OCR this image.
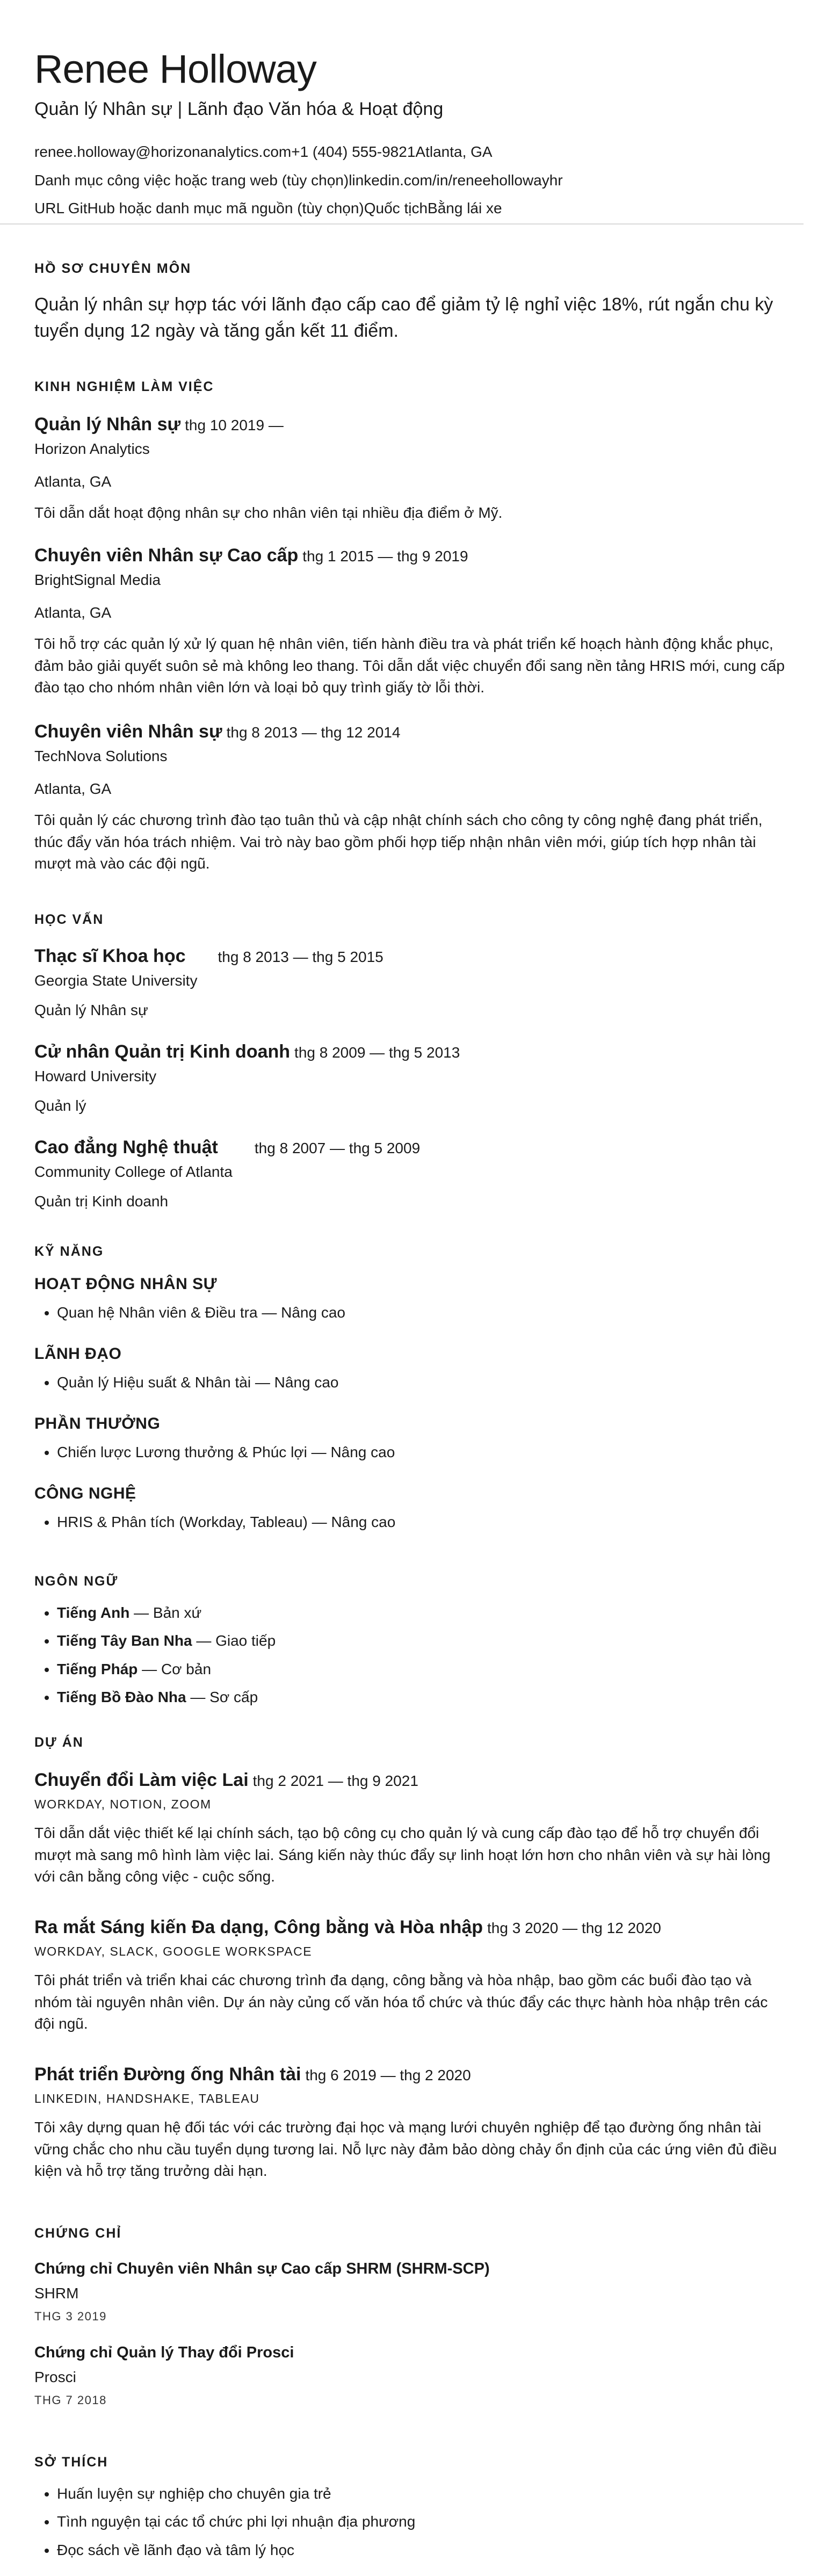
Renee Holloway

Quản lý Nhân sự | Lãnh đạo Văn hóa & Hoạt động

renee.holloway@horizonanalytics.com+1 (404) 555-9821Atlanta, GA

Danh mục công việc hoặc trang web (tùy chọn)linkedin.com/in/reneehollowayhr

URL GitHub hoặc danh mục mã nguồn (tùy chọn)Quốc tịchBằng lái xe

HỒ SƠ CHUYÊN MÔN

Quản lý nhân sự hợp tác với lãnh đạo cấp cao để giảm tỷ lệ nghỉ việc 18%, rút ngắn chu kỳ tuyển dụng 12 ngày và tăng gắn kết 11 điểm.

KINH NGHIỆM LÀM VIỆC

Quản lý Nhân sự thg 10 2019 —

Horizon Analytics

Atlanta, GA

Tôi dẫn dắt hoạt động nhân sự cho nhân viên tại nhiều địa điểm ở Mỹ.

Chuyên viên Nhân sự Cao cấp thg 1 2015 — thg 9 2019

BrightSignal Media

Atlanta, GA

Tôi hỗ trợ các quản lý xử lý quan hệ nhân viên, tiến hành điều tra và phát triển kế hoạch hành động khắc phục, đảm bảo giải quyết suôn sẻ mà không leo thang. Tôi dẫn dắt việc chuyển đổi sang nền tảng HRIS mới, cung cấp đào tạo cho nhóm nhân viên lớn và loại bỏ quy trình giấy tờ lỗi thời.

Chuyên viên Nhân sự thg 8 2013 — thg 12 2014

TechNova Solutions

Atlanta, GA

Tôi quản lý các chương trình đào tạo tuân thủ và cập nhật chính sách cho công ty công nghệ đang phát triển, thúc đẩy văn hóa trách nhiệm. Vai trò này bao gồm phối hợp tiếp nhận nhân viên mới, giúp tích hợp nhân tài mượt mà vào các đội ngũ.

HỌC VẤN

Thạc sĩ Khoa học thg 8 2013 — thg 5 2015

Georgia State University

Quản lý Nhân sự

Cử nhân Quản trị Kinh doanh thg 8 2009 — thg 5 2013

Howard University

Quản lý

Cao đẳng Nghệ thuật thg 8 2007 — thg 5 2009

Community College of Atlanta

Quản trị Kinh doanh

KỸ NĂNG

HOẠT ĐỘNG NHÂN SỰ

• Quan hệ Nhân viên & Điều tra — Nâng cao

LÃNH ĐẠO

• Quản lý Hiệu suất & Nhân tài — Nâng cao

PHẦN THƯỞNG

• Chiến lược Lương thưởng & Phúc lợi — Nâng cao

CÔNG NGHỆ

• HRIS & Phân tích (Workday, Tableau) — Nâng cao
NGÔN NGỮ
• Tiếng Anh — Bản xứ
• Tiếng Tây Ban Nha — Giao tiếp
• Tiếng Pháp — Cơ bản
• Tiếng Bồ Đào Nha — Sơ cấp
DỰ ÁN

Chuyển đổi Làm việc Lai thg 2 2021 — thg 9 2021

WORKDAY, NOTION, ZOOM

Tôi dẫn dắt việc thiết kế lại chính sách, tạo bộ công cụ cho quản lý và cung cấp đào tạo để hỗ trợ chuyển đổi mượt mà sang mô hình làm việc lai. Sáng kiến này thúc đẩy sự linh hoạt lớn hơn cho nhân viên và sự hài lòng với cân bằng công việc - cuộc sống.

Ra mắt Sáng kiến Đa dạng, Công bằng và Hòa nhập thg 3 2020 — thg 12 2020

WORKDAY, SLACK, GOOGLE WORKSPACE

Tôi phát triển và triển khai các chương trình đa dạng, công bằng và hòa nhập, bao gồm các buổi đào tạo và nhóm tài nguyên nhân viên. Dự án này củng cố văn hóa tổ chức và thúc đẩy các thực hành hòa nhập trên các đội ngũ.

Phát triển Đường ống Nhân tài thg 6 2019 — thg 2 2020

LINKEDIN, HANDSHAKE, TABLEAU

Tôi xây dựng quan hệ đối tác với các trường đại học và mạng lưới chuyên nghiệp để tạo đường ống nhân tài vững chắc cho nhu cầu tuyển dụng tương lai. Nỗ lực này đảm bảo dòng chảy ổn định của các ứng viên đủ điều kiện và hỗ trợ tăng trưởng dài hạn.

CHỨNG CHỈ

Chứng chỉ Chuyên viên Nhân sự Cao cấp SHRM (SHRM-SCP)

SHRM

THG 3 2019

Chứng chỉ Quản lý Thay đổi Prosci

Prosci

THG 7 2018

SỞ THÍCH
• Huấn luyện sự nghiệp cho chuyên gia trẻ
• Tình nguyện tại các tổ chức phi lợi nhuận địa phương
• Đọc sách về lãnh đạo và tâm lý học
